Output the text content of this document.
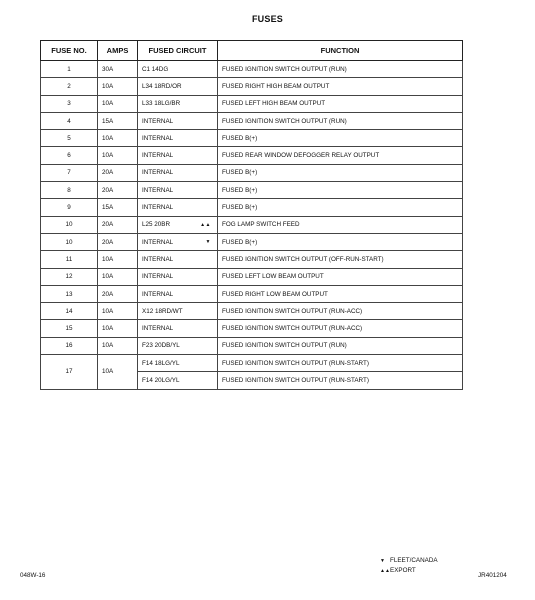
FUSES
FUSE NO.	AMPS	FUSED CIRCUIT	FUNCTION
1	30A	C1 14DG	FUSED IGNITION SWITCH OUTPUT (RUN)
2	10A	L34 18RD/OR	FUSED RIGHT HIGH BEAM OUTPUT
3	10A	L33 18LG/BR	FUSED LEFT HIGH BEAM OUTPUT
4	15A	INTERNAL	FUSED IGNITION SWITCH OUTPUT (RUN)
5	10A	INTERNAL	FUSED B(+)
6	10A	INTERNAL	FUSED REAR WINDOW DEFOGGER RELAY OUTPUT
7	20A	INTERNAL	FUSED B(+)
8	20A	INTERNAL	FUSED B(+)
9	15A	INTERNAL	FUSED B(+)
10	20A	L25 20BR ▲▲	FOG LAMP SWITCH FEED
10	20A	INTERNAL ▼	FUSED B(+)
11	10A	INTERNAL	FUSED IGNITION SWITCH OUTPUT (OFF-RUN-START)
12	10A	INTERNAL	FUSED LEFT LOW BEAM OUTPUT
13	20A	INTERNAL	FUSED RIGHT LOW BEAM OUTPUT
14	10A	X12 18RD/WT	FUSED IGNITION SWITCH OUTPUT (RUN-ACC)
15	10A	INTERNAL	FUSED IGNITION SWITCH OUTPUT (RUN-ACC)
16	10A	F23 20DB/YL	FUSED IGNITION SWITCH OUTPUT (RUN)
17	10A	F14 18LG/YL	FUSED IGNITION SWITCH OUTPUT (RUN-START)
		F14 20LG/YL	FUSED IGNITION SWITCH OUTPUT (RUN-START)
▼ FLEET/CANADA
▲▲EXPORT
048W-16	JR401204
